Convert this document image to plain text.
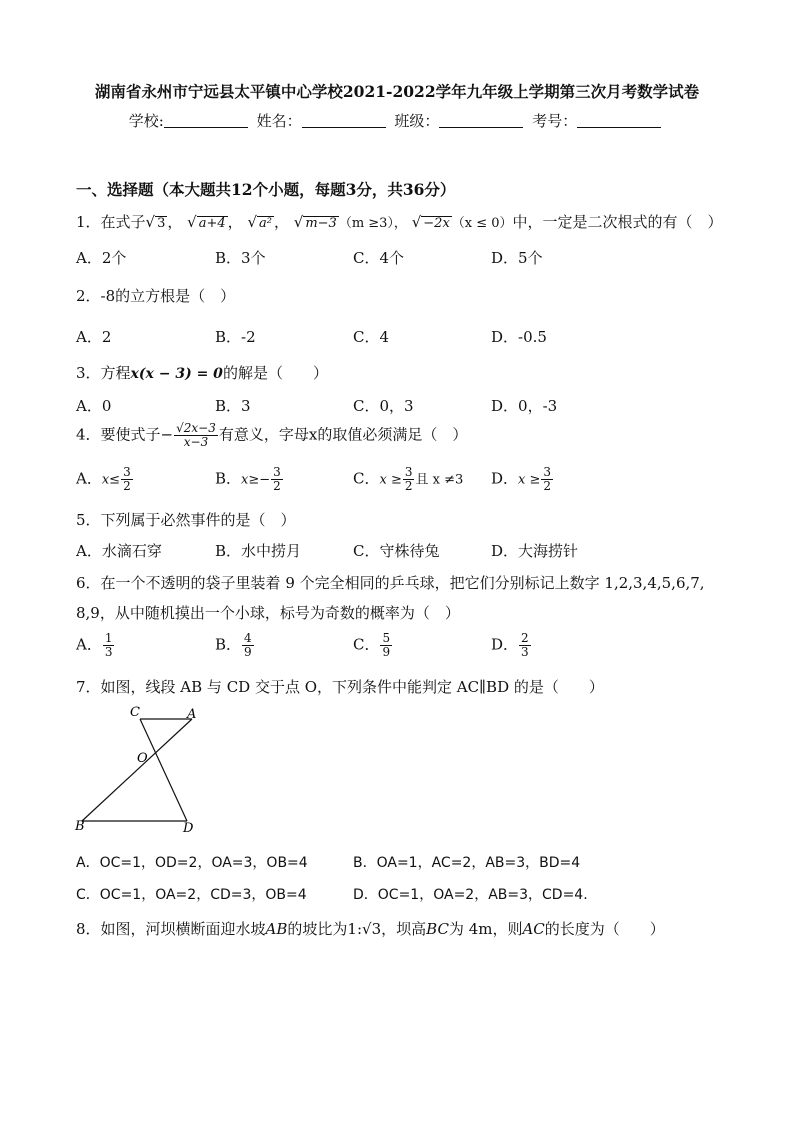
湖南省永州市宁远县太平镇中心学校2021-2022学年九年级上学期第三次月考数学试卷
学校:	姓名：	班级：	考号：
一、选择题（本大题共12个小题，每题3分，共36分）
1．在式子√ 3 ， √ a+4 ， √ a² ， √ m−3 （m ≥3）， √ −2x （x ≤ 0）中，一定是二次根式的有（　）
A．2个	B．3个	C．4个	D．5个
2．-8的立方根是（　）
A．2	B．-2	C．4	D．-0.5
3．方程x(x − 3) = 0的解是（　　）
A．0	B．3	C．0，3	D．0，-3
4．要使式子− $\frac{√2x-3}{x-3}$ 有意义，字母x的取值必须满足（　）
A．$x\le \frac{3}{2}$	B．$x\ge- \frac{3}{2}$	C．$x \ge \frac{3}{2}$ 且 x ≠3 D．$x \ge \frac{3}{2}$
5．下列属于必然事件的是（　）
A．水滴石穿	B．水中捞月	C．守株待兔	D．大海捞针
6．在一个不透明的袋子里装着 9 个完全相同的乒乓球，把它们分别标记上数字 1,2,3,4,5,6,7,
8,9，从中随机摸出一个小球，标号为奇数的概率为（　）
A． $\frac{1}{3}$	B． $\frac{4}{9}$	C． $\frac{5}{9}$	D． $\frac{2}{3}$
7．如图，线段 AB 与 CD 交于点 O，下列条件中能判定 AC∥BD 的是（　　）
C	A
O
B	D
A．OC=1，OD=2，OA=3，OB=4	B．OA=1，AC=2，AB=3，BD=4
C．OC=1，OA=2，CD=3，OB=4	D．OC=1，OA=2，AB=3，CD=4.
8．如图，河坝横断面迎水坡AB的坡比为1:√3，坝高BC为 4m，则AC的长度为（　　）
